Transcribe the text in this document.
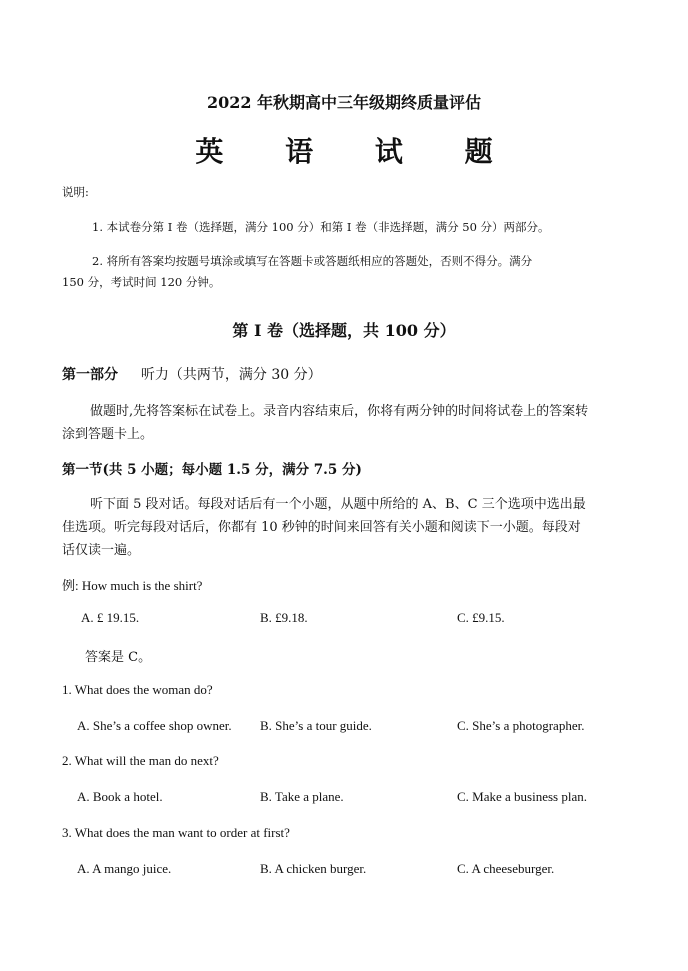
2022 年秋期高中三年级期终质量评估
英 语 试 题
说明:
1. 本试卷分第 I 卷（选择题，满分 100 分）和第 I 卷（非选择题，满分 50 分）两部分。
2. 将所有答案均按题号填涂或填写在答题卡或答题纸相应的答题处，否则不得分。满分
150 分，考试时间 120 分钟。
第 I 卷（选择题，共 100 分）
第一部分 听力（共两节，满分 30 分）
做题时,先将答案标在试卷上。录音内容结束后，你将有两分钟的时间将试卷上的答案转
涂到答题卡上。
第一节(共 5 小题；每小题 1.5 分，满分 7.5 分)
听下面 5 段对话。每段对话后有一个小题，从题中所给的 A、B、C 三个选项中选出最
佳选项。听完每段对话后，你都有 10 秒钟的时间来回答有关小题和阅读下一小题。每段对
话仅读一遍。
例: How much is the shirt?
A. £ 19.15.	B. £9.18.	C. £9.15.
答案是 C。
1. What does the woman do?
A. She’s a coffee shop owner. B. She’s a tour guide.	C. She’s a photographer.
2. What will the man do next?
A. Book a hotel.	B. Take a plane.	C. Make a business plan.
3. What does the man want to order at first?
A. A mango juice.	B. A chicken burger.	C. A cheeseburger.
